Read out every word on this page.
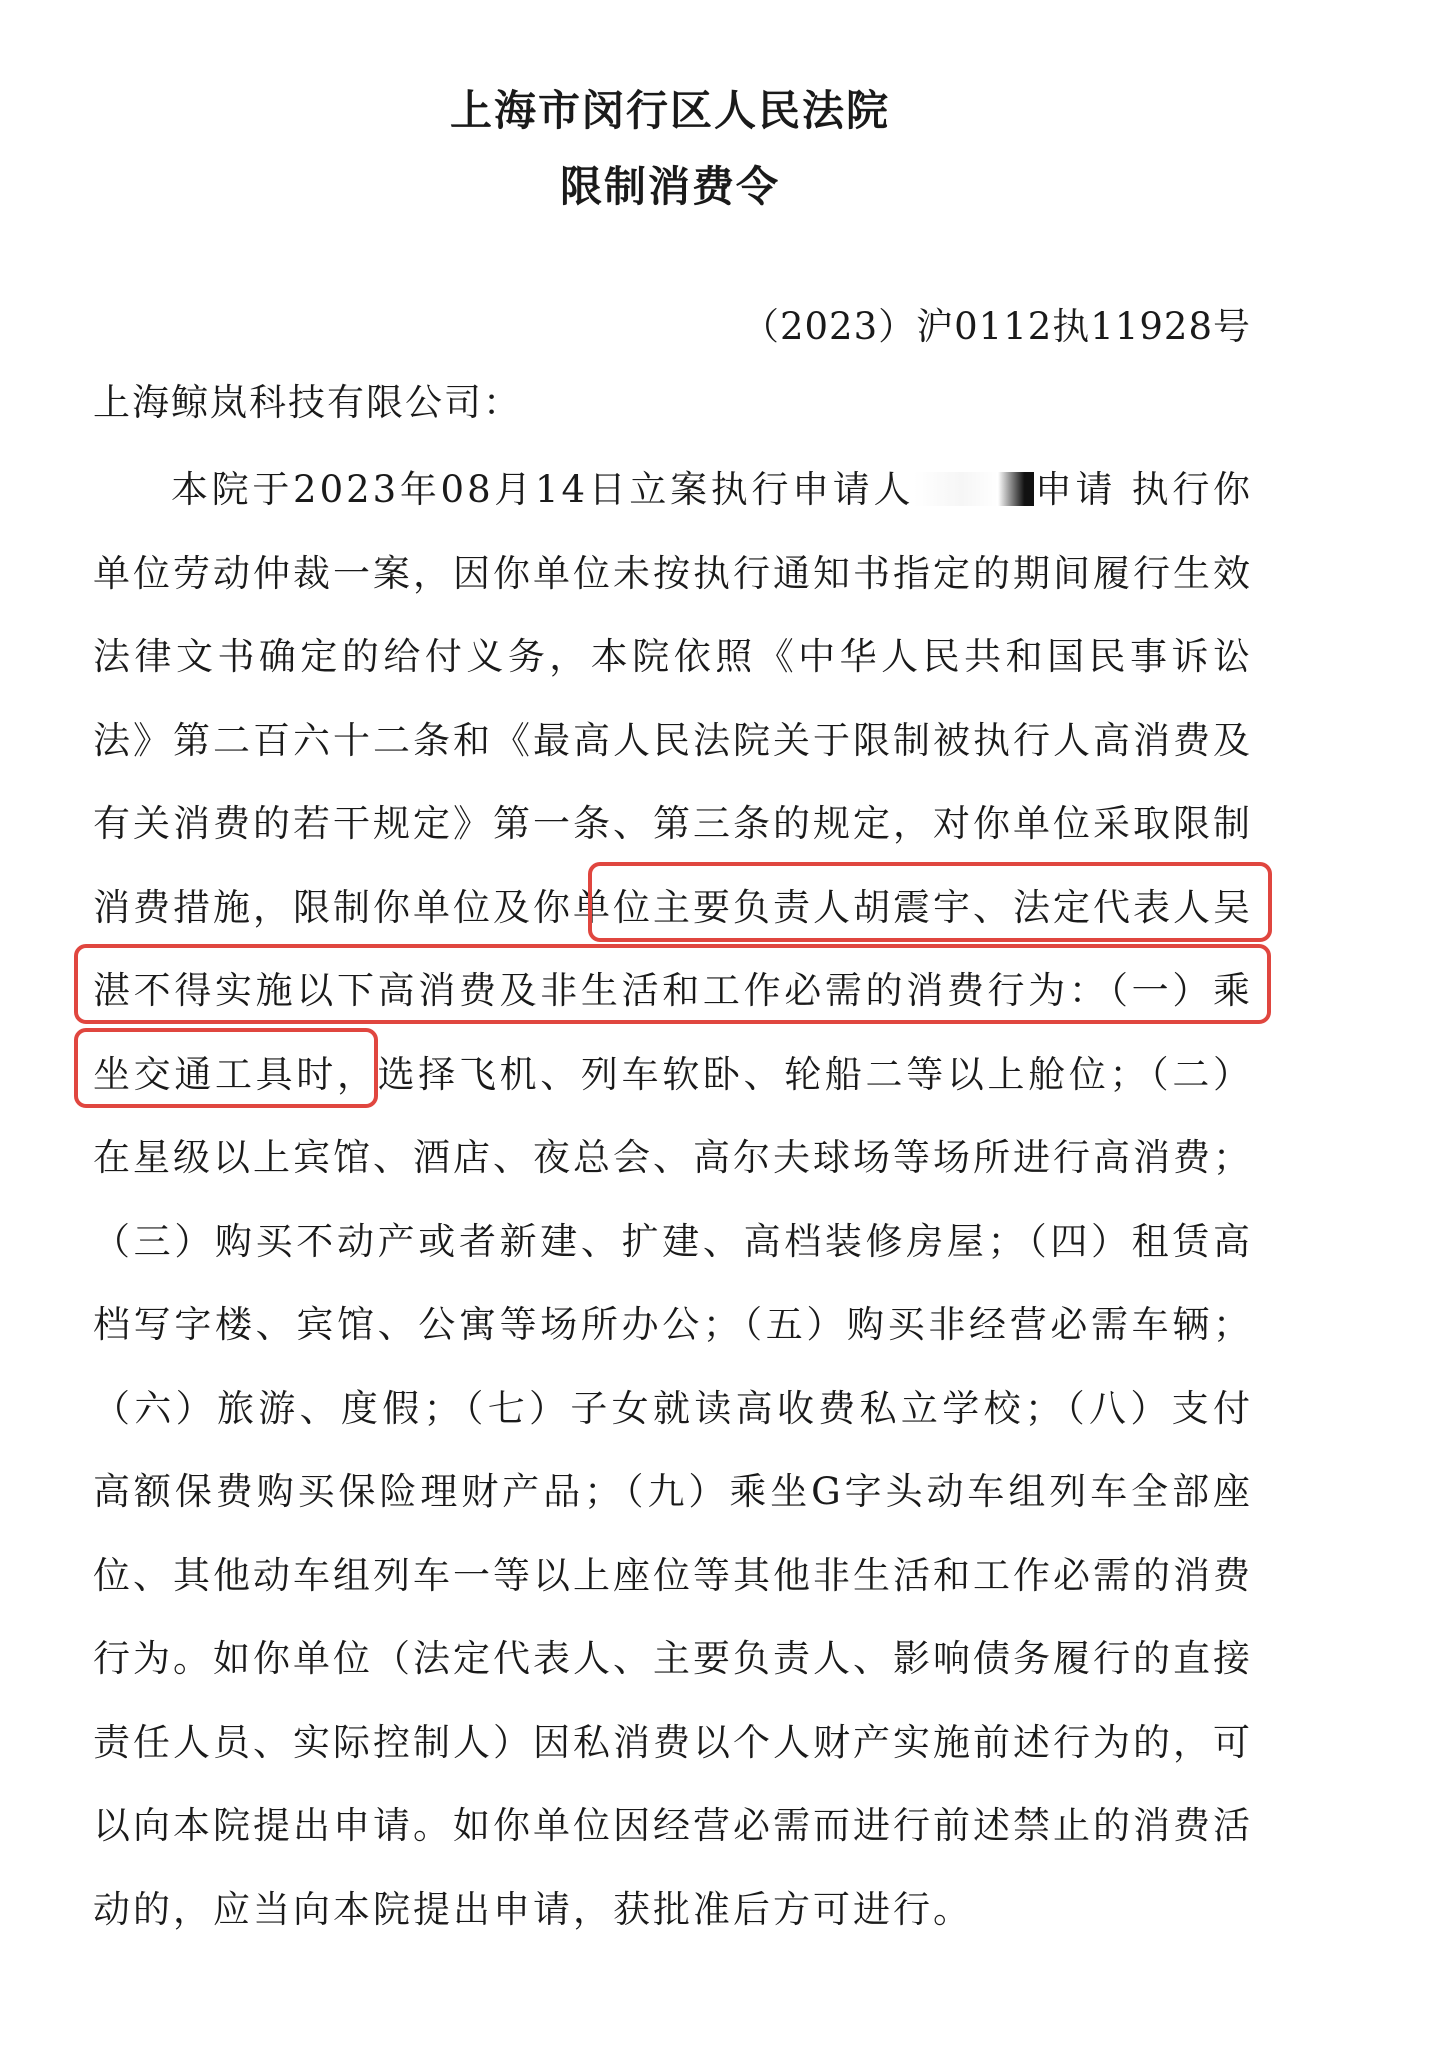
上海市闵行区人民法院
限制消费令
（2023）沪0112执11928号
上海鲸岚科技有限公司：

本院于2023年08月14日立案执行申请人	申请 执行你单位劳动仲裁一案，因你单位未按执行通知书指定的期间履行生效法律文书确定的给付义务，本院依照《中华人民共和国民事诉讼法》第二百六十二条和《最高人民法院关于限制被执行人高消费及有关消费的若干规定》第一条、第三条的规定，对你单位采取限制消费措施，限制你单位及你单位主要负责人胡震宇、法定代表人吴湛不得实施以下高消费及非生活和工作必需的消费行为：（一）乘坐交通工具时，选择飞机、列车软卧、轮船二等以上舱位；（二）在星级以上宾馆、酒店、夜总会、高尔夫球场等场所进行高消费；（三）购买不动产或者新建、扩建、高档装修房屋；（四）租赁高档写字楼、宾馆、公寓等场所办公；（五）购买非经营必需车辆；（六）旅游、度假；（七）子女就读高收费私立学校；（八）支付高额保费购买保险理财产品；（九）乘坐G字头动车组列车全部座位、其他动车组列车一等以上座位等其他非生活和工作必需的消费行为。如你单位（法定代表人、主要负责人、影响债务履行的直接责任人员、实际控制人）因私消费以个人财产实施前述行为的，可以向本院提出申请。如你单位因经营必需而进行前述禁止的消费活动的，应当向本院提出申请，获批准后方可进行。
